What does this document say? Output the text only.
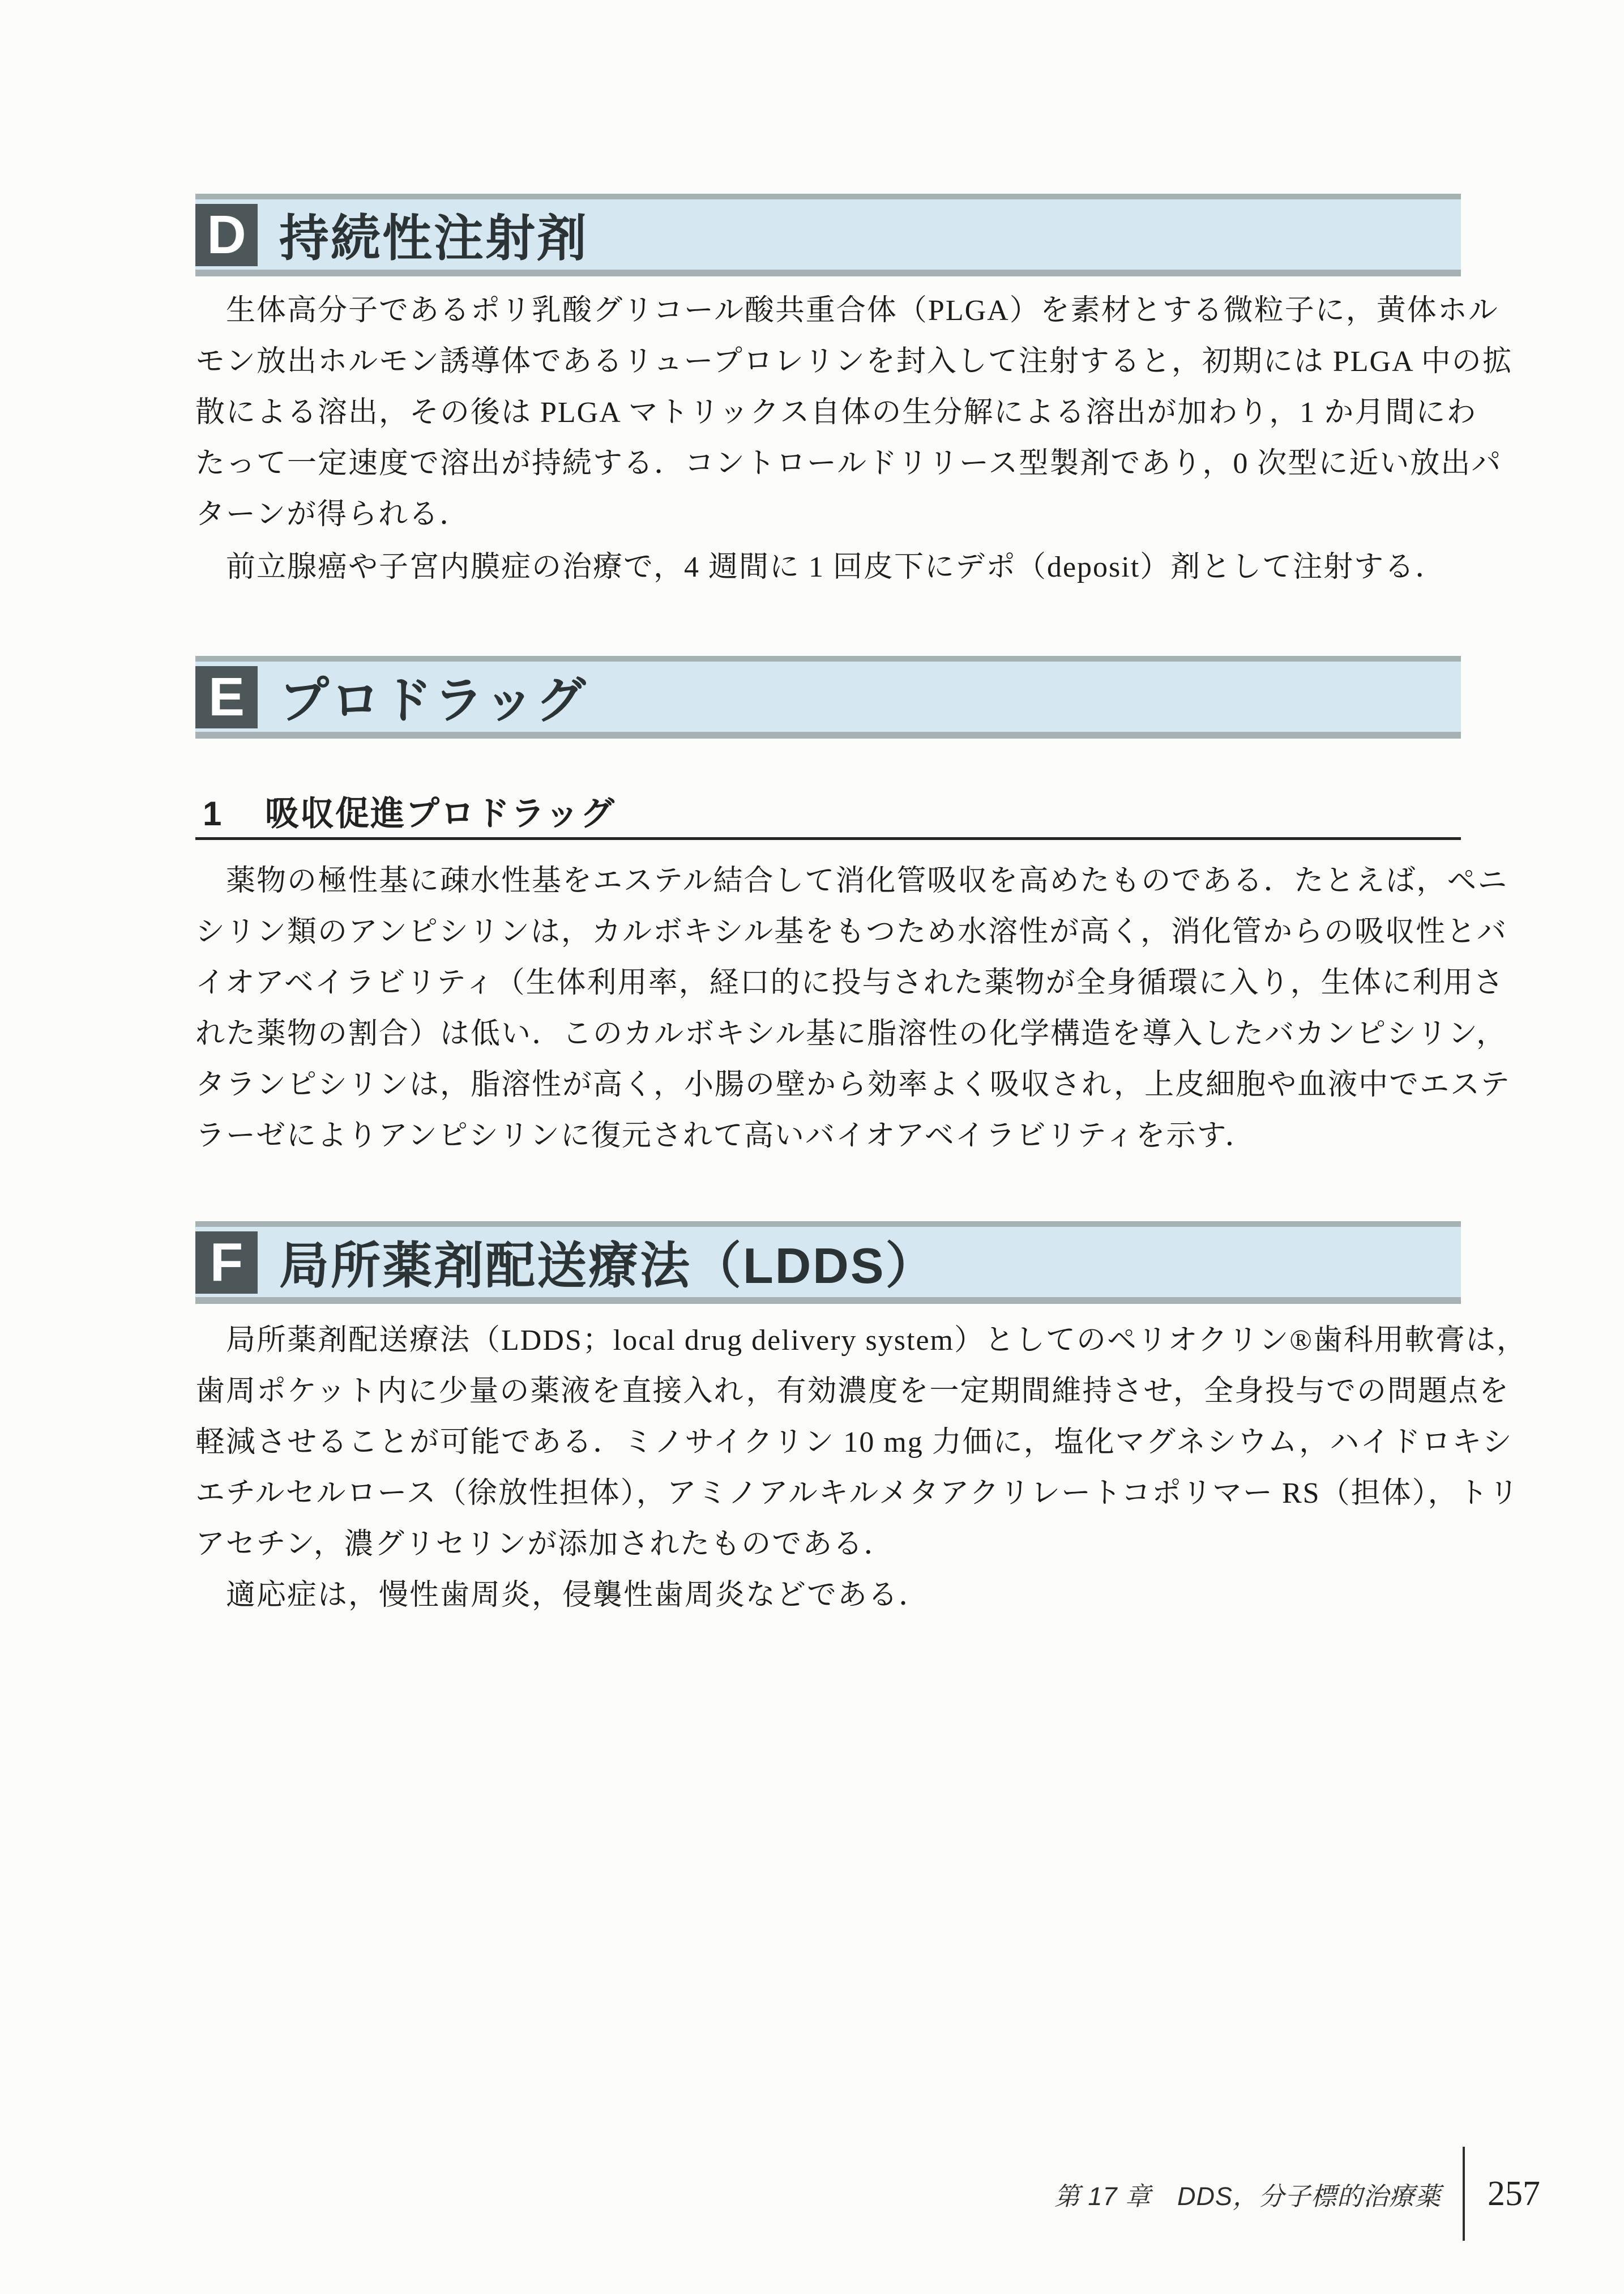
D 持続性注射剤
生体高分子であるポリ乳酸グリコール酸共重合体（PLGA）を素材とする微粒子に，黄体ホル
モン放出ホルモン誘導体であるリュープロレリンを封入して注射すると，初期には PLGA 中の拡
散による溶出，その後は PLGA マトリックス自体の生分解による溶出が加わり，1 か月間にわ
たって一定速度で溶出が持続する．コントロールドリリース型製剤であり，0 次型に近い放出パ
ターンが得られる．
前立腺癌や子宮内膜症の治療で，4 週間に 1 回皮下にデポ（deposit）剤として注射する．
E プロドラッグ
1 吸収促進プロドラッグ
薬物の極性基に疎水性基をエステル結合して消化管吸収を高めたものである．たとえば，ペニ
シリン類のアンピシリンは，カルボキシル基をもつため水溶性が高く，消化管からの吸収性とバ
イオアベイラビリティ（生体利用率，経口的に投与された薬物が全身循環に入り，生体に利用さ
れた薬物の割合）は低い．このカルボキシル基に脂溶性の化学構造を導入したバカンピシリン，
タランピシリンは，脂溶性が高く，小腸の壁から効率よく吸収され，上皮細胞や血液中でエステ
ラーゼによりアンピシリンに復元されて高いバイオアベイラビリティを示す．
F 局所薬剤配送療法（LDDS）
局所薬剤配送療法（LDDS；local drug delivery system）としてのペリオクリン®歯科用軟膏は，
歯周ポケット内に少量の薬液を直接入れ，有効濃度を一定期間維持させ，全身投与での問題点を
軽減させることが可能である．ミノサイクリン 10 mg 力価に，塩化マグネシウム，ハイドロキシ
エチルセルロース（徐放性担体），アミノアルキルメタアクリレートコポリマー RS（担体），トリ
アセチン，濃グリセリンが添加されたものである．
適応症は，慢性歯周炎，侵襲性歯周炎などである．
第 17 章　DDS，分子標的治療薬	257
